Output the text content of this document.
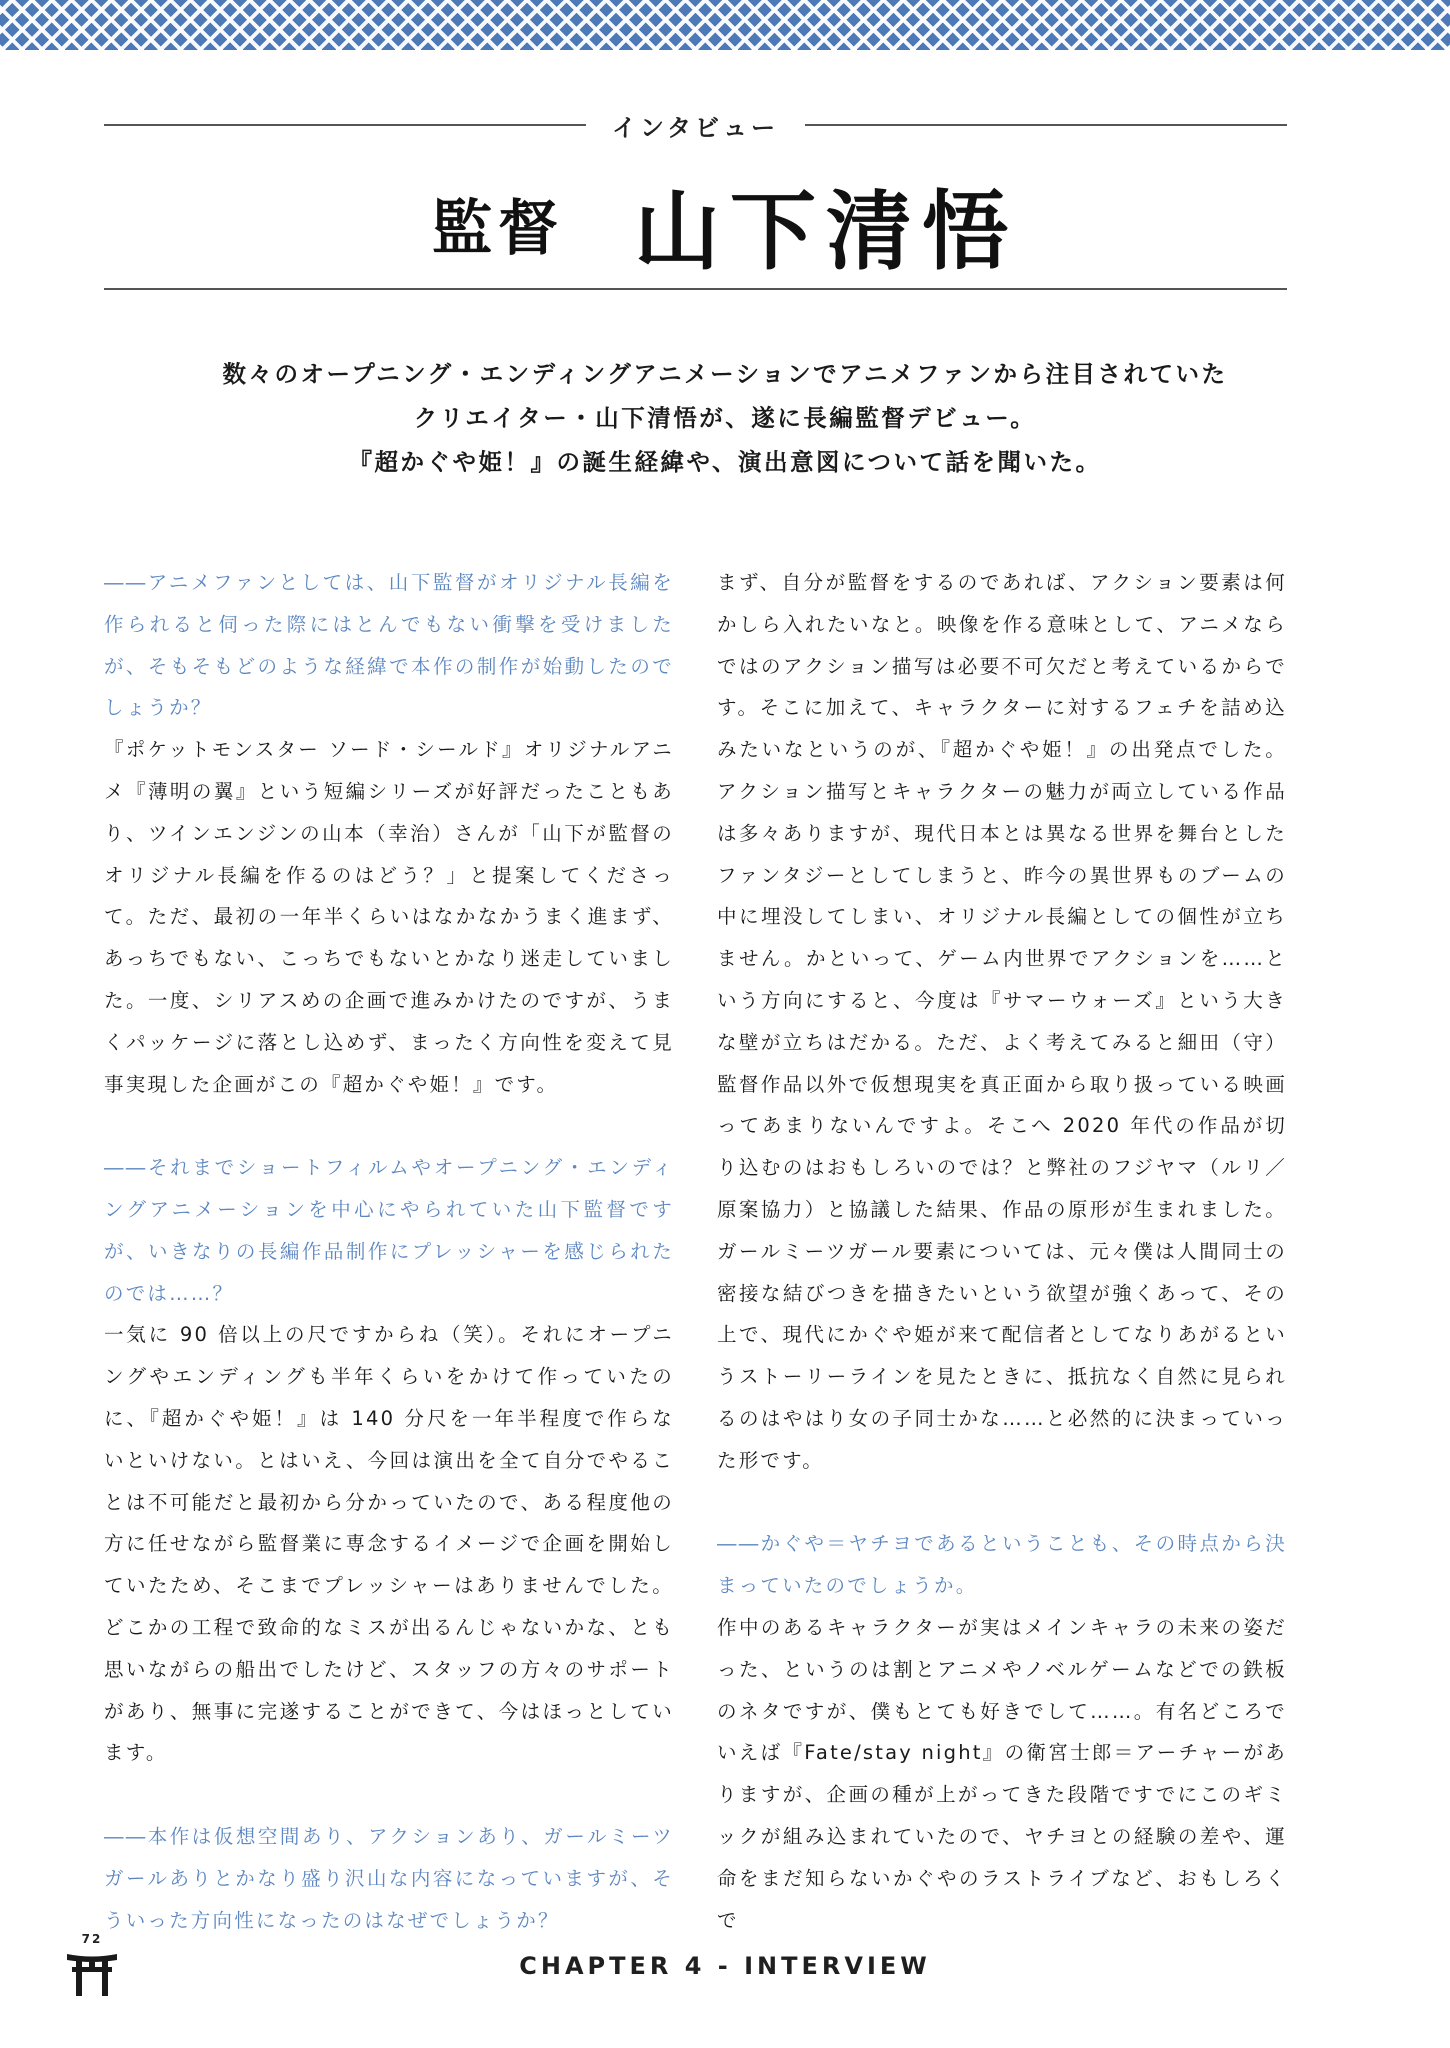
インタビュー
監督 山下清悟
数々のオープニング・エンディングアニメーションでアニメファンから注目されていた
クリエイター・山下清悟が、遂に長編監督デビュー。
『超かぐや姫！』の誕生経緯や、演出意図について話を聞いた。

――アニメファンとしては、山下監督がオリジナル長編を作られると伺った際にはとんでもない衝撃を受けましたが、そもそもどのような経緯で本作の制作が始動したのでしょうか？

『ポケットモンスター ソード・シールド』オリジナルアニメ『薄明の翼』という短編シリーズが好評だったこともあり、ツインエンジンの山本（幸治）さんが「山下が監督のオリジナル長編を作るのはどう？」と提案してくださって。ただ、最初の一年半くらいはなかなかうまく進まず、あっちでもない、こっちでもないとかなり迷走していました。一度、シリアスめの企画で進みかけたのですが、うまくパッケージに落とし込めず、まったく方向性を変えて見事実現した企画がこの『超かぐや姫！』です。

――それまでショートフィルムやオープニング・エンディングアニメーションを中心にやられていた山下監督ですが、いきなりの長編作品制作にプレッシャーを感じられたのでは……？

一気に 90 倍以上の尺ですからね（笑）。それにオープニングやエンディングも半年くらいをかけて作っていたのに、『超かぐや姫！』は 140 分尺を一年半程度で作らないといけない。とはいえ、今回は演出を全て自分でやることは不可能だと最初から分かっていたので、ある程度他の方に任せながら監督業に専念するイメージで企画を開始していたため、そこまでプレッシャーはありませんでした。どこかの工程で致命的なミスが出るんじゃないかな、とも思いながらの船出でしたけど、スタッフの方々のサポートがあり、無事に完遂することができて、今はほっとしています。

――本作は仮想空間あり、アクションあり、ガールミーツガールありとかなり盛り沢山な内容になっていますが、そういった方向性になったのはなぜでしょうか？

まず、自分が監督をするのであれば、アクション要素は何かしら入れたいなと。映像を作る意味として、アニメならではのアクション描写は必要不可欠だと考えているからです。そこに加えて、キャラクターに対するフェチを詰め込みたいなというのが、『超かぐや姫！』の出発点でした。アクション描写とキャラクターの魅力が両立している作品は多々ありますが、現代日本とは異なる世界を舞台としたファンタジーとしてしまうと、昨今の異世界ものブームの中に埋没してしまい、オリジナル長編としての個性が立ちません。かといって、ゲーム内世界でアクションを……という方向にすると、今度は『サマーウォーズ』という大きな壁が立ちはだかる。ただ、よく考えてみると細田（守）監督作品以外で仮想現実を真正面から取り扱っている映画ってあまりないんですよ。そこへ 2020 年代の作品が切り込むのはおもしろいのでは？と弊社のフジヤマ（ルリ／原案協力）と協議した結果、作品の原形が生まれました。ガールミーツガール要素については、元々僕は人間同士の密接な結びつきを描きたいという欲望が強くあって、その上で、現代にかぐや姫が来て配信者としてなりあがるというストーリーラインを見たときに、抵抗なく自然に見られるのはやはり女の子同士かな……と必然的に決まっていった形です。

――かぐや＝ヤチヨであるということも、その時点から決まっていたのでしょうか。

作中のあるキャラクターが実はメインキャラの未来の姿だった、というのは割とアニメやノベルゲームなどでの鉄板のネタですが、僕もとても好きでして……。有名どころでいえば『Fate/stay night』の衛宮士郎＝アーチャーがありますが、企画の種が上がってきた段階ですでにこのギミックが組み込まれていたので、ヤチヨとの経験の差や、運命をまだ知らないかぐやのラストライブなど、おもしろくで

72
CHAPTER 4 - INTERVIEW
